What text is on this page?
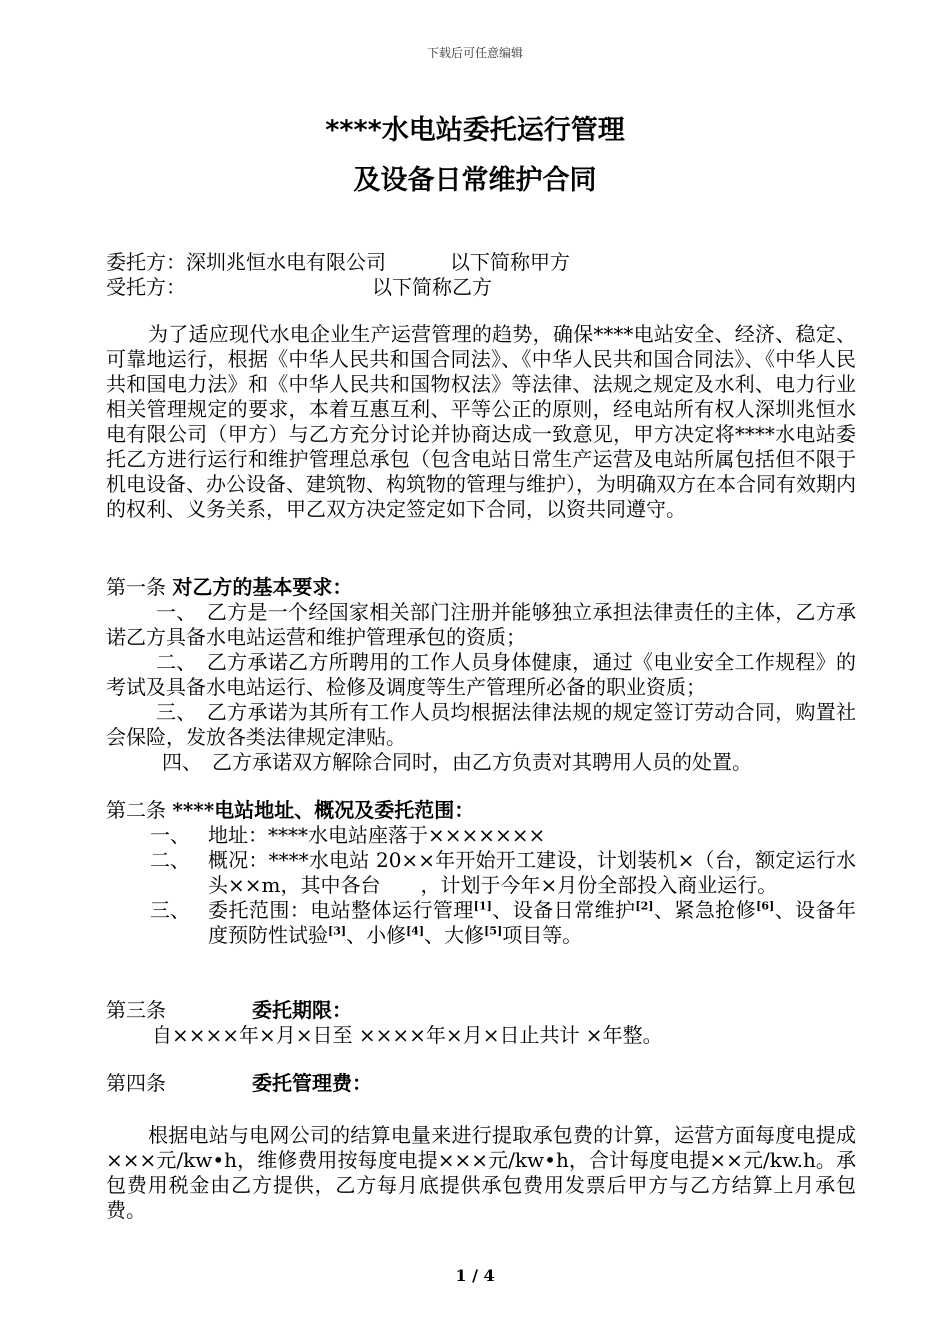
下载后可任意编辑
****水电站委托运行管理
及设备日常维护合同
委托方：深圳兆恒水电有限公司	以下简称甲方
受托方：	以下简称乙方

为了适应现代水电企业生产运营管理的趋势，确保****电站安全、经济、稳定、可靠地运行，根据《中华人民共和国合同法》、《中华人民共和国合同法》、《中华人民共和国电力法》和《中华人民共和国物权法》等法律、法规之规定及水利、电力行业相关管理规定的要求，本着互惠互利、平等公正的原则，经电站所有权人深圳兆恒水电有限公司（甲方）与乙方充分讨论并协商达成一致意见，甲方决定将****水电站委托乙方进行运行和维护管理总承包（包含电站日常生产运营及电站所属包括但不限于机电设备、办公设备、建筑物、构筑物的管理与维护），为明确双方在本合同有效期内的权利、义务关系，甲乙双方决定签定如下合同，以资共同遵守。

第一条 对乙方的基本要求：

一、　乙方是一个经国家相关部门注册并能够独立承担法律责任的主体，乙方承诺乙方具备水电站运营和维护管理承包的资质；

二、　乙方承诺乙方所聘用的工作人员身体健康，通过《电业安全工作规程》的考试及具备水电站运行、检修及调度等生产管理所必备的职业资质；

三、　乙方承诺为其所有工作人员均根据法律法规的规定签订劳动合同，购置社会保险，发放各类法律规定津贴。

四、　乙方承诺双方解除合同时，由乙方负责对其聘用人员的处置。

第二条 ****电站地址、概况及委托范围：
一、 地址：****水电站座落于×××××××
二、 概况：****水电站 20××年开始开工建设，计划装机×（台，额定运行水头××m，其中各台　　，计划于今年×月份全部投入商业运行。
三、 委托范围：电站整体运行管理[1]、设备日常维护[2]、紧急抢修[6]、设备年度预防性试验[3]、小修[4]、大修[5]项目等。
第三条	委托期限：

自××××年×月×日至 ××××年×月×日止共计 ×年整。

第四条	委托管理费：

根据电站与电网公司的结算电量来进行提取承包费的计算，运营方面每度电提成×××元/kw•h，维修费用按每度电提×××元/kw•h，合计每度电提××元/kw.h。承包费用税金由乙方提供，乙方每月底提供承包费用发票后甲方与乙方结算上月承包费。

1 / 4
